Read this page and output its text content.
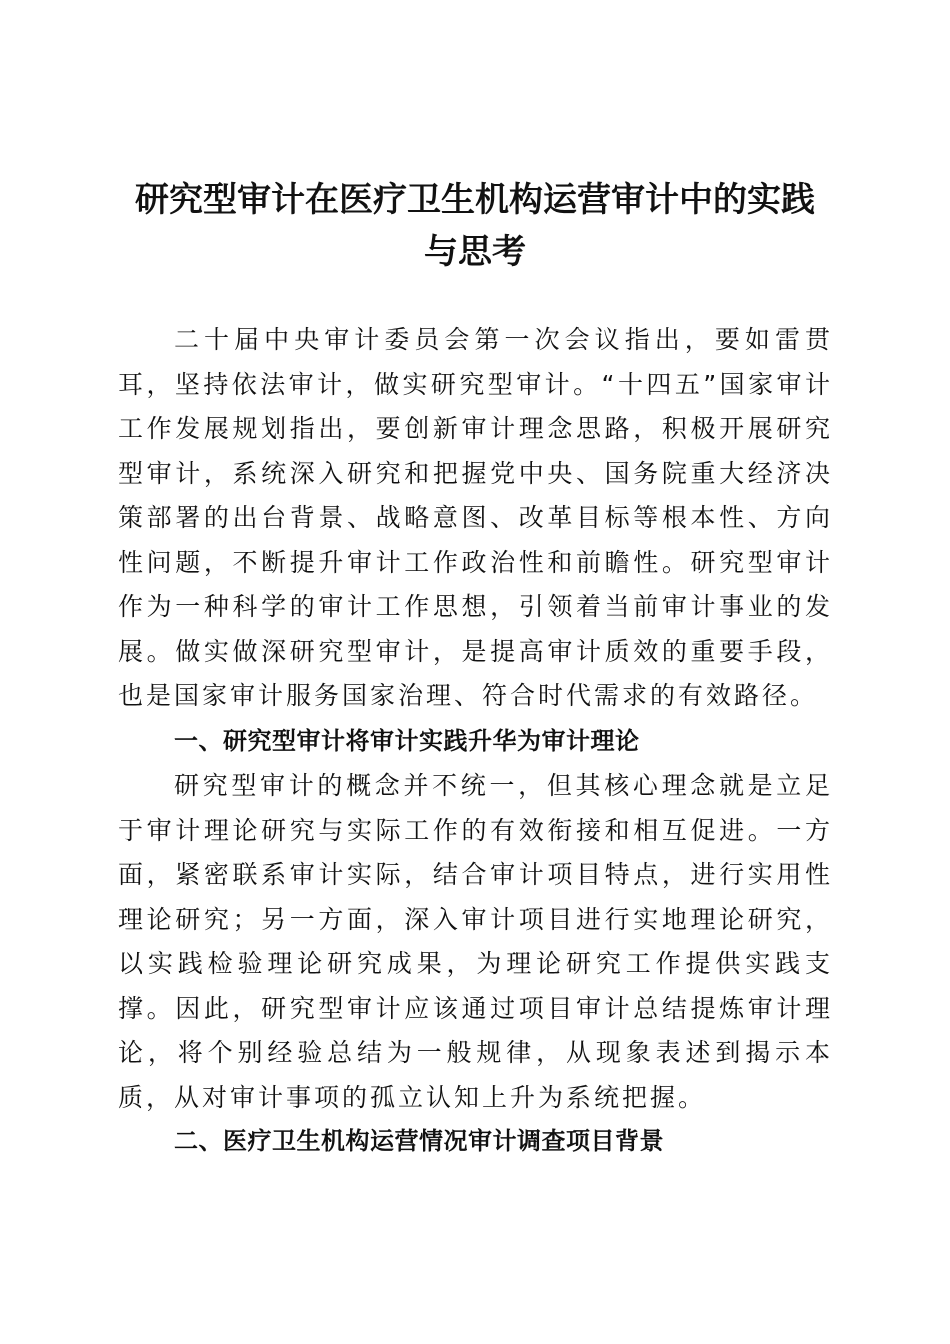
研究型审计在医疗卫生机构运营审计中的实践
与思考

二十届中央审计委员会第一次会议指出，要如雷贯耳，坚持依法审计，做实研究型审计。“十四五”国家审计工作发展规划指出，要创新审计理念思路，积极开展研究型审计，系统深入研究和把握党中央、国务院重大经济决策部署的出台背景、战略意图、改革目标等根本性、方向性问题，不断提升审计工作政治性和前瞻性。研究型审计作为一种科学的审计工作思想，引领着当前审计事业的发展。做实做深研究型审计，是提高审计质效的重要手段，也是国家审计服务国家治理、符合时代需求的有效路径。

一、研究型审计将审计实践升华为审计理论

研究型审计的概念并不统一，但其核心理念就是立足于审计理论研究与实际工作的有效衔接和相互促进。一方面，紧密联系审计实际，结合审计项目特点，进行实用性理论研究；另一方面，深入审计项目进行实地理论研究，以实践检验理论研究成果，为理论研究工作提供实践支撑。因此，研究型审计应该通过项目审计总结提炼审计理论，将个别经验总结为一般规律，从现象表述到揭示本质，从对审计事项的孤立认知上升为系统把握。

二、医疗卫生机构运营情况审计调查项目背景
